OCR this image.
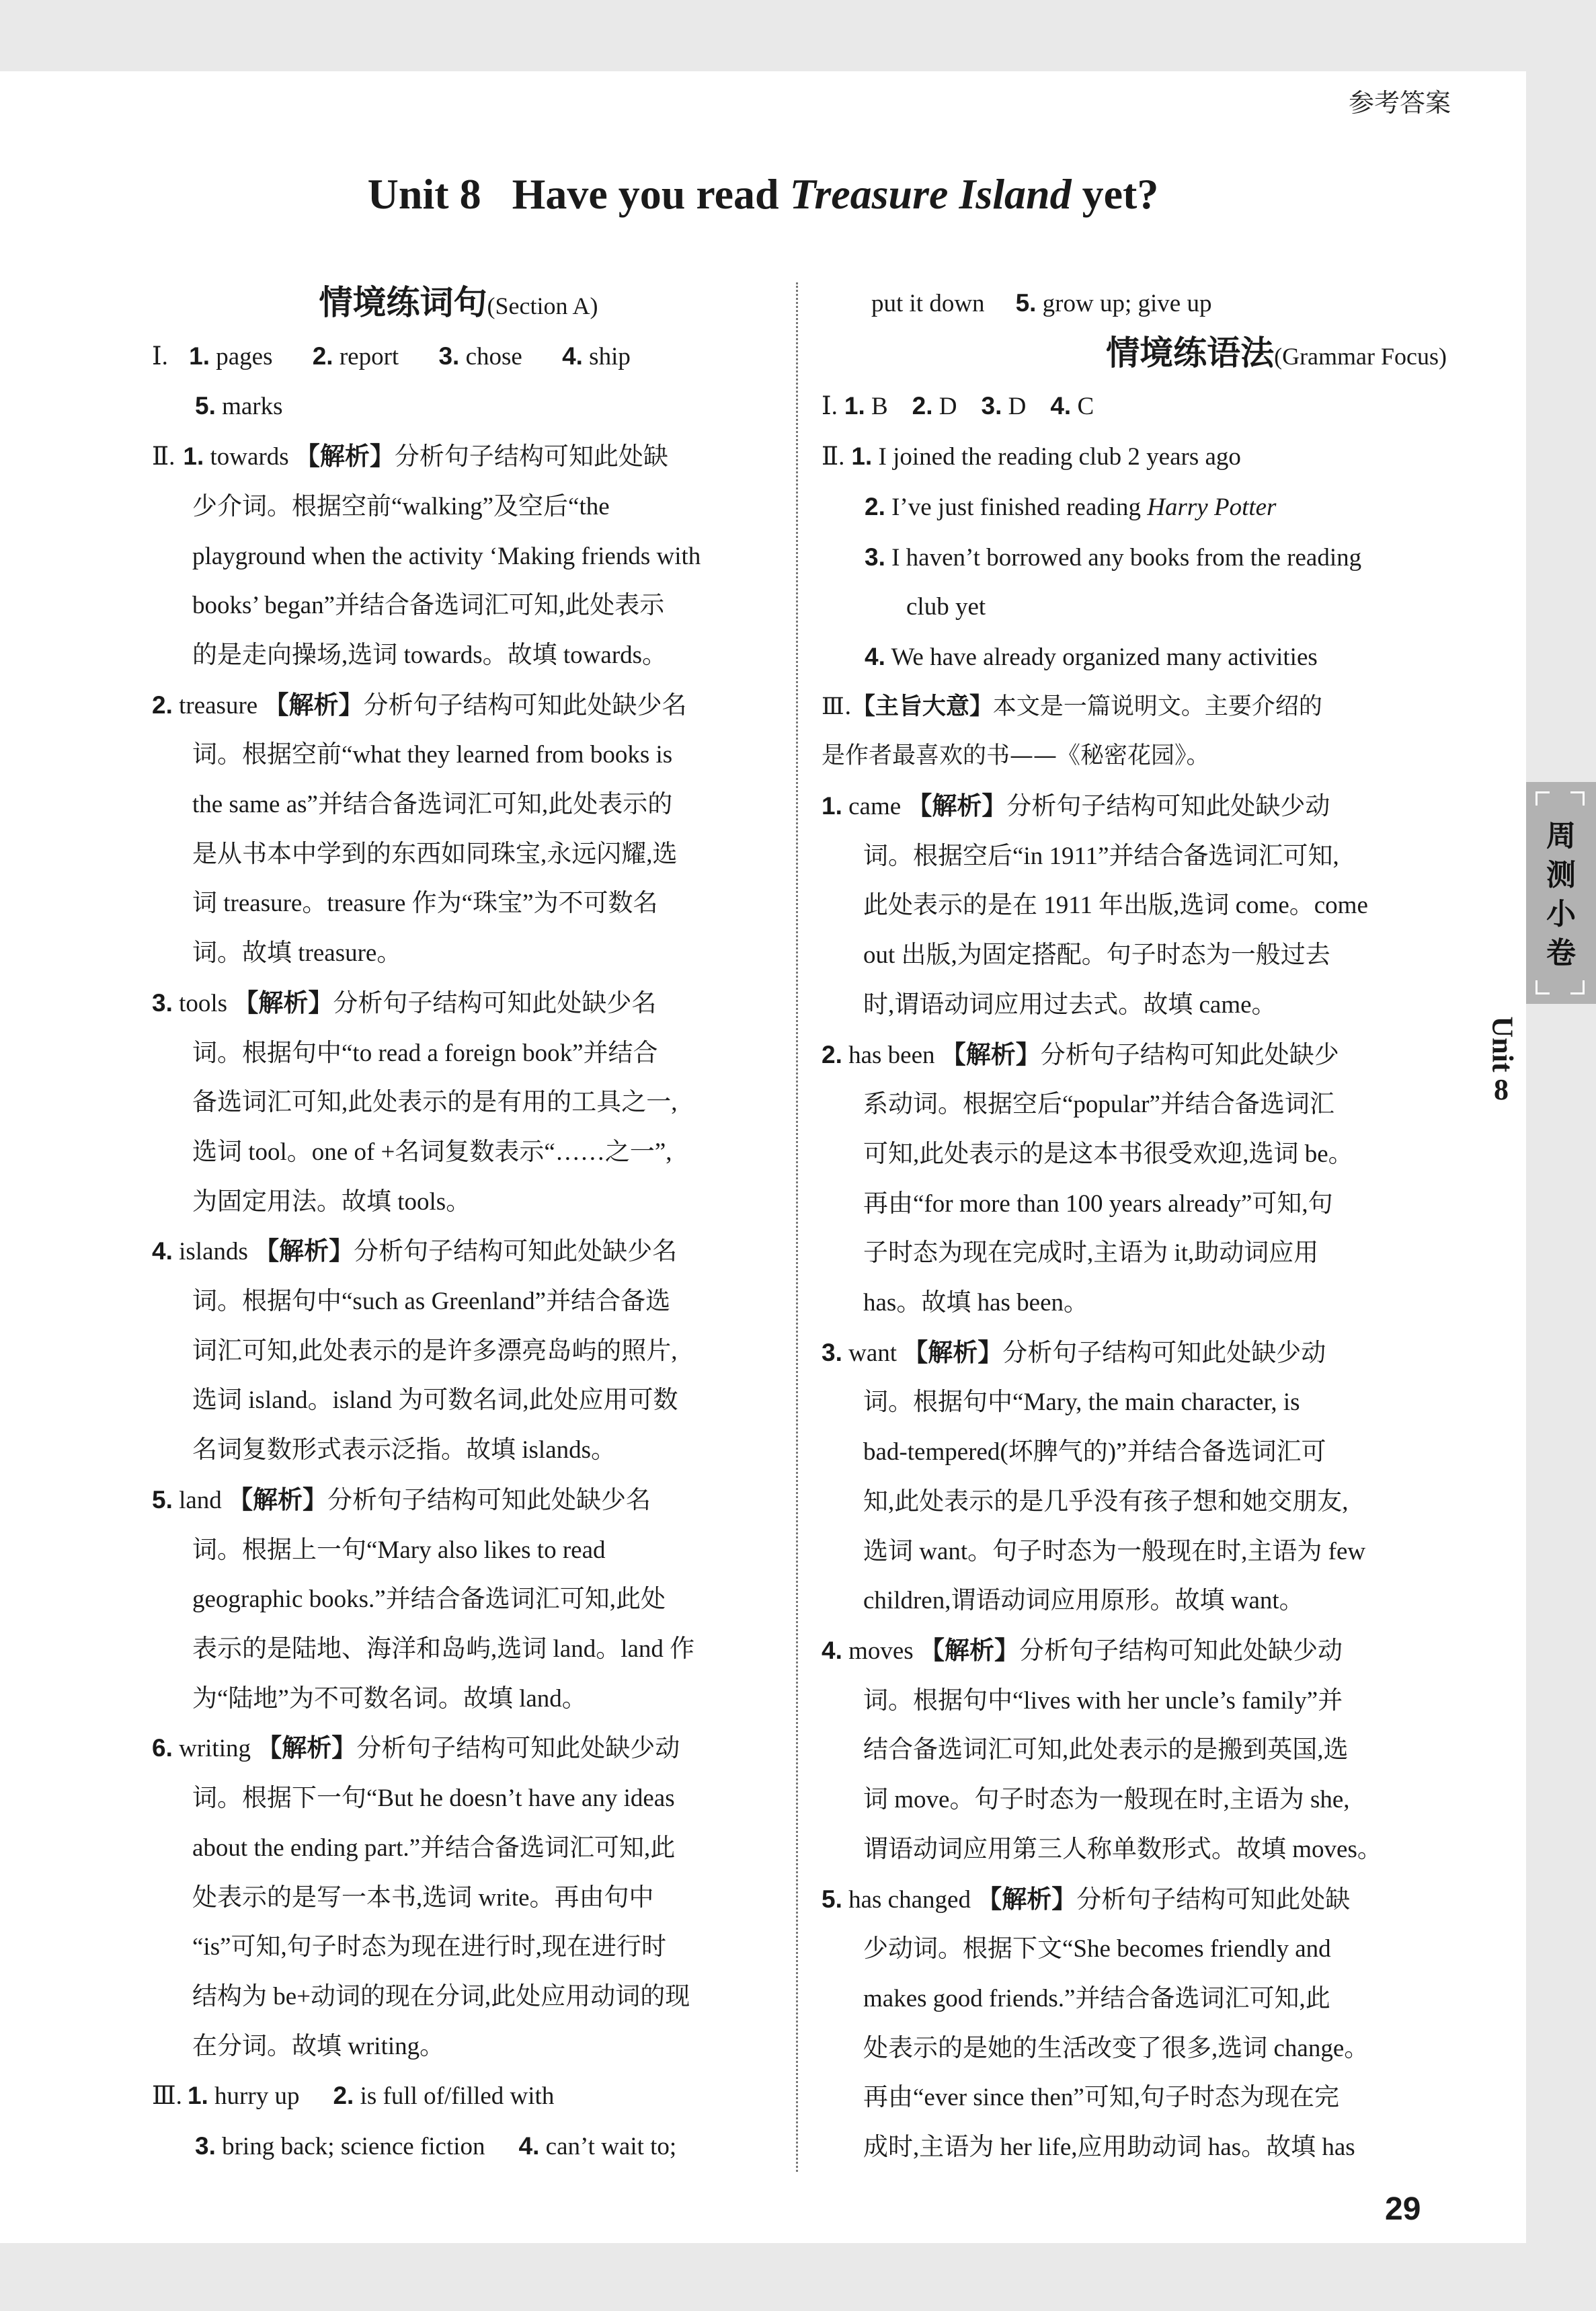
参考答案
Unit 8 Have you read Treasure Island yet?
情境练词句(Section A)
Ⅰ. 1. pages 2. report 3. chose 4. ship
5. marks
Ⅱ. 1. towards 【解析】分析句子结构可知此处缺
少介词。根据空前“walking”及空后“the
playground when the activity ‘Making friends with
books’ began”并结合备选词汇可知,此处表示
的是走向操场,选词 towards。故填 towards。
2. treasure 【解析】分析句子结构可知此处缺少名
词。根据空前“what they learned from books is
the same as”并结合备选词汇可知,此处表示的
是从书本中学到的东西如同珠宝,永远闪耀,选
词 treasure。treasure 作为“珠宝”为不可数名
词。故填 treasure。
3. tools 【解析】分析句子结构可知此处缺少名
词。根据句中“to read a foreign book”并结合
备选词汇可知,此处表示的是有用的工具之一,
选词 tool。one of +名词复数表示“……之一”,
为固定用法。故填 tools。
4. islands 【解析】分析句子结构可知此处缺少名
词。根据句中“such as Greenland”并结合备选
词汇可知,此处表示的是许多漂亮岛屿的照片,
选词 island。island 为可数名词,此处应用可数
名词复数形式表示泛指。故填 islands。
5. land 【解析】分析句子结构可知此处缺少名
词。根据上一句“Mary also likes to read
geographic books.”并结合备选词汇可知,此处
表示的是陆地、海洋和岛屿,选词 land。land 作
为“陆地”为不可数名词。故填 land。
6. writing 【解析】分析句子结构可知此处缺少动
词。根据下一句“But he doesn’t have any ideas
about the ending part.”并结合备选词汇可知,此
处表示的是写一本书,选词 write。再由句中
“is”可知,句子时态为现在进行时,现在进行时
结构为 be+动词的现在分词,此处应用动词的现
在分词。故填 writing。
Ⅲ. 1. hurry up 2. is full of/filled with
3. bring back; science fiction 4. can’t wait to;
put it down 5. grow up; give up
情境练语法(Grammar Focus)
Ⅰ. 1. B 2. D 3. D 4. C
Ⅱ. 1. I joined the reading club 2 years ago
2. I’ve just finished reading Harry Potter
3. I haven’t borrowed any books from the reading
club yet
4. We have already organized many activities
Ⅲ.【主旨大意】本文是一篇说明文。主要介绍的
是作者最喜欢的书——《秘密花园》。
1. came 【解析】分析句子结构可知此处缺少动
词。根据空后“in 1911”并结合备选词汇可知,
此处表示的是在 1911 年出版,选词 come。come
out 出版,为固定搭配。句子时态为一般过去
时,谓语动词应用过去式。故填 came。
2. has been 【解析】分析句子结构可知此处缺少
系动词。根据空后“popular”并结合备选词汇
可知,此处表示的是这本书很受欢迎,选词 be。
再由“for more than 100 years already”可知,句
子时态为现在完成时,主语为 it,助动词应用
has。故填 has been。
3. want 【解析】分析句子结构可知此处缺少动
词。根据句中“Mary, the main character, is
bad-tempered(坏脾气的)”并结合备选词汇可
知,此处表示的是几乎没有孩子想和她交朋友,
选词 want。句子时态为一般现在时,主语为 few
children,谓语动词应用原形。故填 want。
4. moves 【解析】分析句子结构可知此处缺少动
词。根据句中“lives with her uncle’s family”并
结合备选词汇可知,此处表示的是搬到英国,选
词 move。句子时态为一般现在时,主语为 she,
谓语动词应用第三人称单数形式。故填 moves。
5. has changed 【解析】分析句子结构可知此处缺
少动词。根据下文“She becomes friendly and
makes good friends.”并结合备选词汇可知,此
处表示的是她的生活改变了很多,选词 change。
再由“ever since then”可知,句子时态为现在完
成时,主语为 her life,应用助动词 has。故填 has
周
测
小
卷
Unit
8
29
